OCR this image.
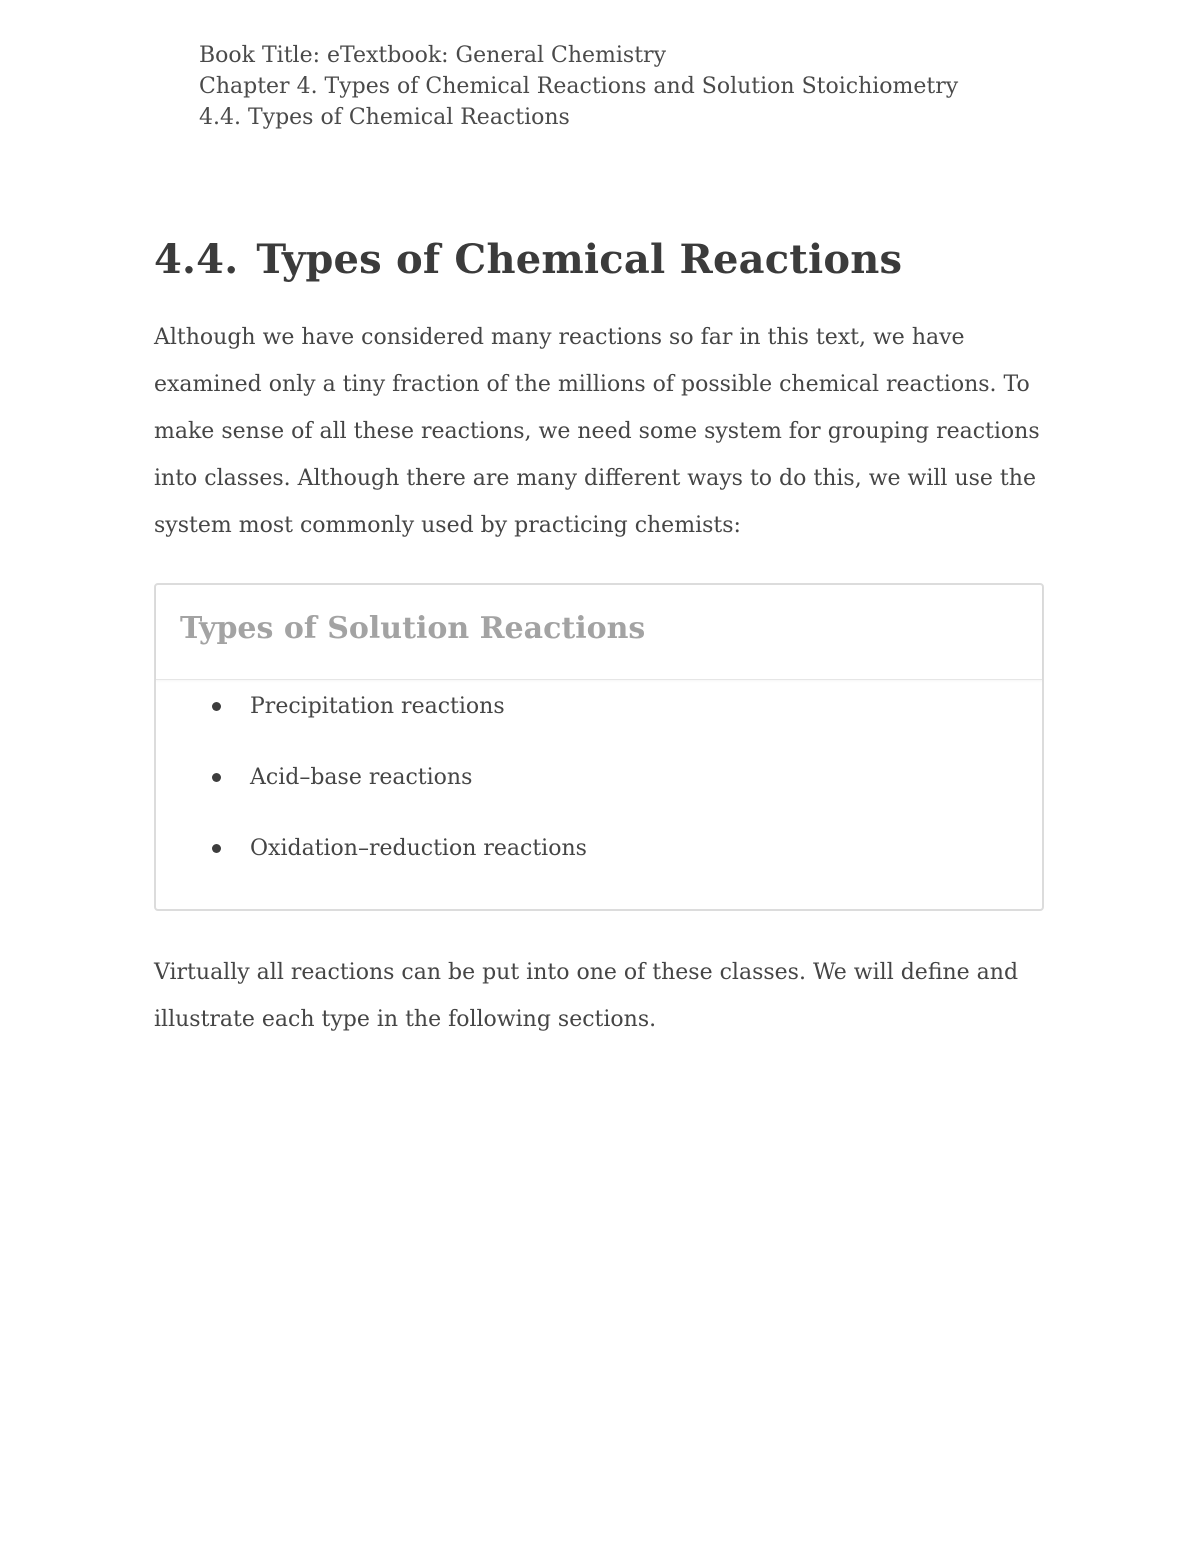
Book Title: eTextbook: General Chemistry
Chapter 4. Types of Chemical Reactions and Solution Stoichiometry
4.4. Types of Chemical Reactions
4.4. Types of Chemical Reactions

Although we have considered many reactions so far in this text, we have examined only a tiny fraction of the millions of possible chemical reactions. To make sense of all these reactions, we need some system for grouping reactions into classes. Although there are many different ways to do this, we will use the system most commonly used by practicing chemists:

Types of Solution Reactions
Precipitation reactions
Acid–base reactions
Oxidation–reduction reactions

Virtually all reactions can be put into one of these classes. We will define and illustrate each type in the following sections.
